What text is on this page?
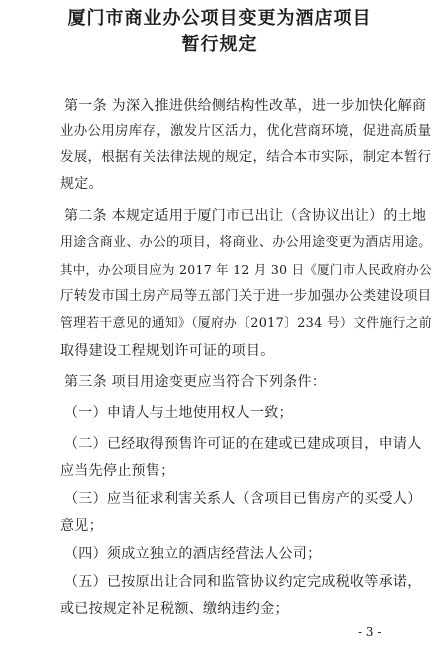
厦门市商业办公项目变更为酒店项目
暂行规定
第一条 为深入推进供给侧结构性改革，进一步加快化解商
业办公用房库存，激发片区活力，优化营商环境，促进高质量
发展，根据有关法律法规的规定，结合本市实际，制定本暂行
规定。
第二条 本规定适用于厦门市已出让（含协议出让）的土地
用途含商业、办公的项目，将商业、办公用途变更为酒店用途。
其中，办公项目应为 2017 年 12 月 30 日《厦门市人民政府办公
厅转发市国土房产局等五部门关于进一步加强办公类建设项目
管理若干意见的通知》（厦府办〔2017〕234 号）文件施行之前
取得建设工程规划许可证的项目。
第三条 项目用途变更应当符合下列条件：
（一）申请人与土地使用权人一致；
（二）已经取得预售许可证的在建或已建成项目，申请人
应当先停止预售；
（三）应当征求利害关系人（含项目已售房产的买受人）
意见；
（四）须成立独立的酒店经营法人公司；
（五）已按原出让合同和监管协议约定完成税收等承诺，
或已按规定补足税额、缴纳违约金；
- 3 -
